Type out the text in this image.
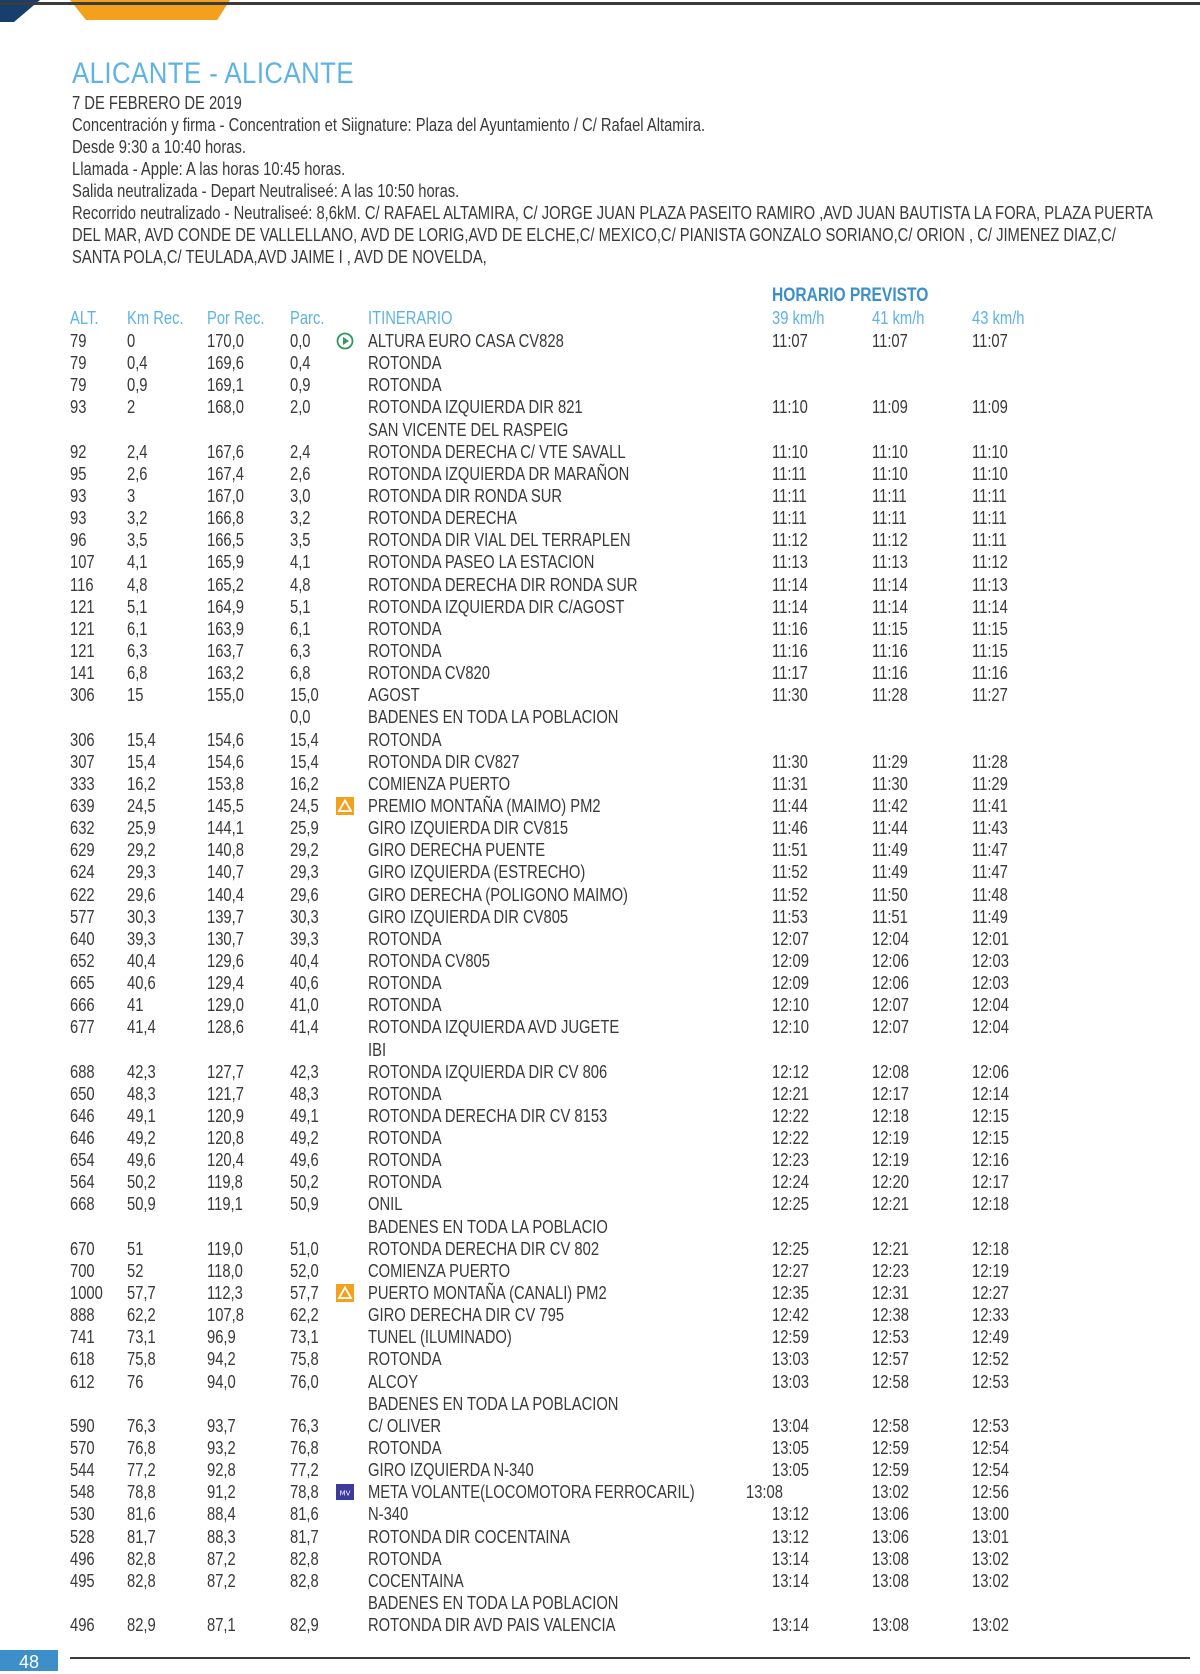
ALICANTE - ALICANTE
7 DE FEBRERO DE 2019
Concentración y firma - Concentration et Siignature: Plaza del Ayuntamiento / C/ Rafael Altamira.
Desde 9:30 a 10:40 horas.
Llamada - Apple: A las horas 10:45 horas.
Salida neutralizada - Depart Neutraliseé: A las 10:50 horas.
Recorrido neutralizado - Neutraliseé: 8,6kM. C/ RAFAEL ALTAMIRA, C/ JORGE JUAN PLAZA PASEITO RAMIRO ,AVD JUAN BAUTISTA LA FORA, PLAZA PUERTA DEL MAR, AVD CONDE DE VALLELLANO, AVD DE LORIG,AVD DE ELCHE,C/ MEXICO,C/ PIANISTA GONZALO SORIANO,C/ ORION , C/ JIMENEZ DIAZ,C/ SANTA POLA,C/ TEULADA,AVD JAIME I , AVD DE NOVELDA,
HORARIO PREVISTO
ALT. Km Rec. Por Rec. Parc. ITINERARIO	39 km/h	41 km/h	43 km/h
79 0	170,0	0,0	ALTURA EURO CASA CV828	11:07	11:07	11:07
79 0,4	169,6	0,4	ROTONDA
79 0,9	169,1	0,9	ROTONDA
93 2	168,0	2,0	ROTONDA IZQUIERDA DIR 821	11:10	11:09	11:09
SAN VICENTE DEL RASPEIG
92 2,4	167,6	2,4	ROTONDA DERECHA C/ VTE SAVALL	11:10	11:10	11:10
95 2,6	167,4	2,6	ROTONDA IZQUIERDA DR MARAÑON	11:11	11:10	11:10
93 3	167,0	3,0	ROTONDA DIR RONDA SUR	11:11	11:11	11:11
93 3,2	166,8	3,2	ROTONDA DERECHA	11:11	11:11	11:11
96 3,5	166,5	3,5	ROTONDA DIR VIAL DEL TERRAPLEN	11:12	11:12	11:11
107 4,1	165,9	4,1	ROTONDA PASEO LA ESTACION	11:13	11:13	11:12
116 4,8	165,2	4,8	ROTONDA DERECHA DIR RONDA SUR	11:14	11:14	11:13
121 5,1	164,9	5,1	ROTONDA IZQUIERDA DIR C/AGOST	11:14	11:14	11:14
121 6,1	163,9	6,1	ROTONDA	11:16	11:15	11:15
121 6,3	163,7	6,3	ROTONDA	11:16	11:16	11:15
141 6,8	163,2	6,8	ROTONDA CV820	11:17	11:16	11:16
306 15	155,0	15,0	AGOST	11:30	11:28	11:27
0,0	BADENES EN TODA LA POBLACION
306 15,4	154,6	15,4	ROTONDA
307 15,4	154,6	15,4	ROTONDA DIR CV827	11:30	11:29	11:28
333 16,2	153,8	16,2	COMIENZA PUERTO	11:31	11:30	11:29
639 24,5	145,5	24,5	PREMIO MONTAÑA (MAIMO) PM2	11:44	11:42	11:41
632 25,9	144,1	25,9	GIRO IZQUIERDA DIR CV815	11:46	11:44	11:43
629 29,2	140,8	29,2	GIRO DERECHA PUENTE	11:51	11:49	11:47
624 29,3	140,7	29,3	GIRO IZQUIERDA (ESTRECHO)	11:52	11:49	11:47
622 29,6	140,4	29,6	GIRO DERECHA (POLIGONO MAIMO)	11:52	11:50	11:48
577 30,3	139,7	30,3	GIRO IZQUIERDA DIR CV805	11:53	11:51	11:49
640 39,3	130,7	39,3	ROTONDA	12:07	12:04	12:01
652 40,4	129,6	40,4	ROTONDA CV805	12:09	12:06	12:03
665 40,6	129,4	40,6	ROTONDA	12:09	12:06	12:03
666 41	129,0	41,0	ROTONDA	12:10	12:07	12:04
677 41,4	128,6	41,4	ROTONDA IZQUIERDA AVD JUGETE	12:10	12:07	12:04
IBI
688 42,3	127,7	42,3	ROTONDA IZQUIERDA DIR CV 806	12:12	12:08	12:06
650 48,3	121,7	48,3	ROTONDA	12:21	12:17	12:14
646 49,1	120,9	49,1	ROTONDA DERECHA DIR CV 8153	12:22	12:18	12:15
646 49,2	120,8	49,2	ROTONDA	12:22	12:19	12:15
654 49,6	120,4	49,6	ROTONDA	12:23	12:19	12:16
564 50,2	119,8	50,2	ROTONDA	12:24	12:20	12:17
668 50,9	119,1	50,9	ONIL	12:25	12:21	12:18
BADENES EN TODA LA POBLACIO
670 51	119,0	51,0	ROTONDA DERECHA DIR CV 802	12:25	12:21	12:18
700 52	118,0	52,0	COMIENZA PUERTO	12:27	12:23	12:19
1000 57,7	112,3	57,7	PUERTO MONTAÑA (CANALI) PM2	12:35	12:31	12:27
888 62,2	107,8	62,2	GIRO DERECHA DIR CV 795	12:42	12:38	12:33
741 73,1	96,9	73,1	TUNEL (ILUMINADO)	12:59	12:53	12:49
618 75,8	94,2	75,8	ROTONDA	13:03	12:57	12:52
612 76	94,0	76,0	ALCOY	13:03	12:58	12:53
BADENES EN TODA LA POBLACION
590 76,3	93,7	76,3	C/ OLIVER	13:04	12:58	12:53
570 76,8	93,2	76,8	ROTONDA	13:05	12:59	12:54
544 77,2	92,8	77,2	GIRO IZQUIERDA N-340	13:05	12:59	12:54
548 78,8	91,2	78,8	META VOLANTE(LOCOMOTORA FERROCARIL)	13:08	13:02	12:56
MV
530 81,6	88,4	81,6	N-340	13:12	13:06	13:00
528 81,7	88,3	81,7	ROTONDA DIR COCENTAINA	13:12	13:06	13:01
496 82,8	87,2	82,8	ROTONDA	13:14	13:08	13:02
495 82,8	87,2	82,8	COCENTAINA	13:14	13:08	13:02
BADENES EN TODA LA POBLACION
496 82,9	87,1	82,9	ROTONDA DIR AVD PAIS VALENCIA	13:14	13:08	13:02
48
